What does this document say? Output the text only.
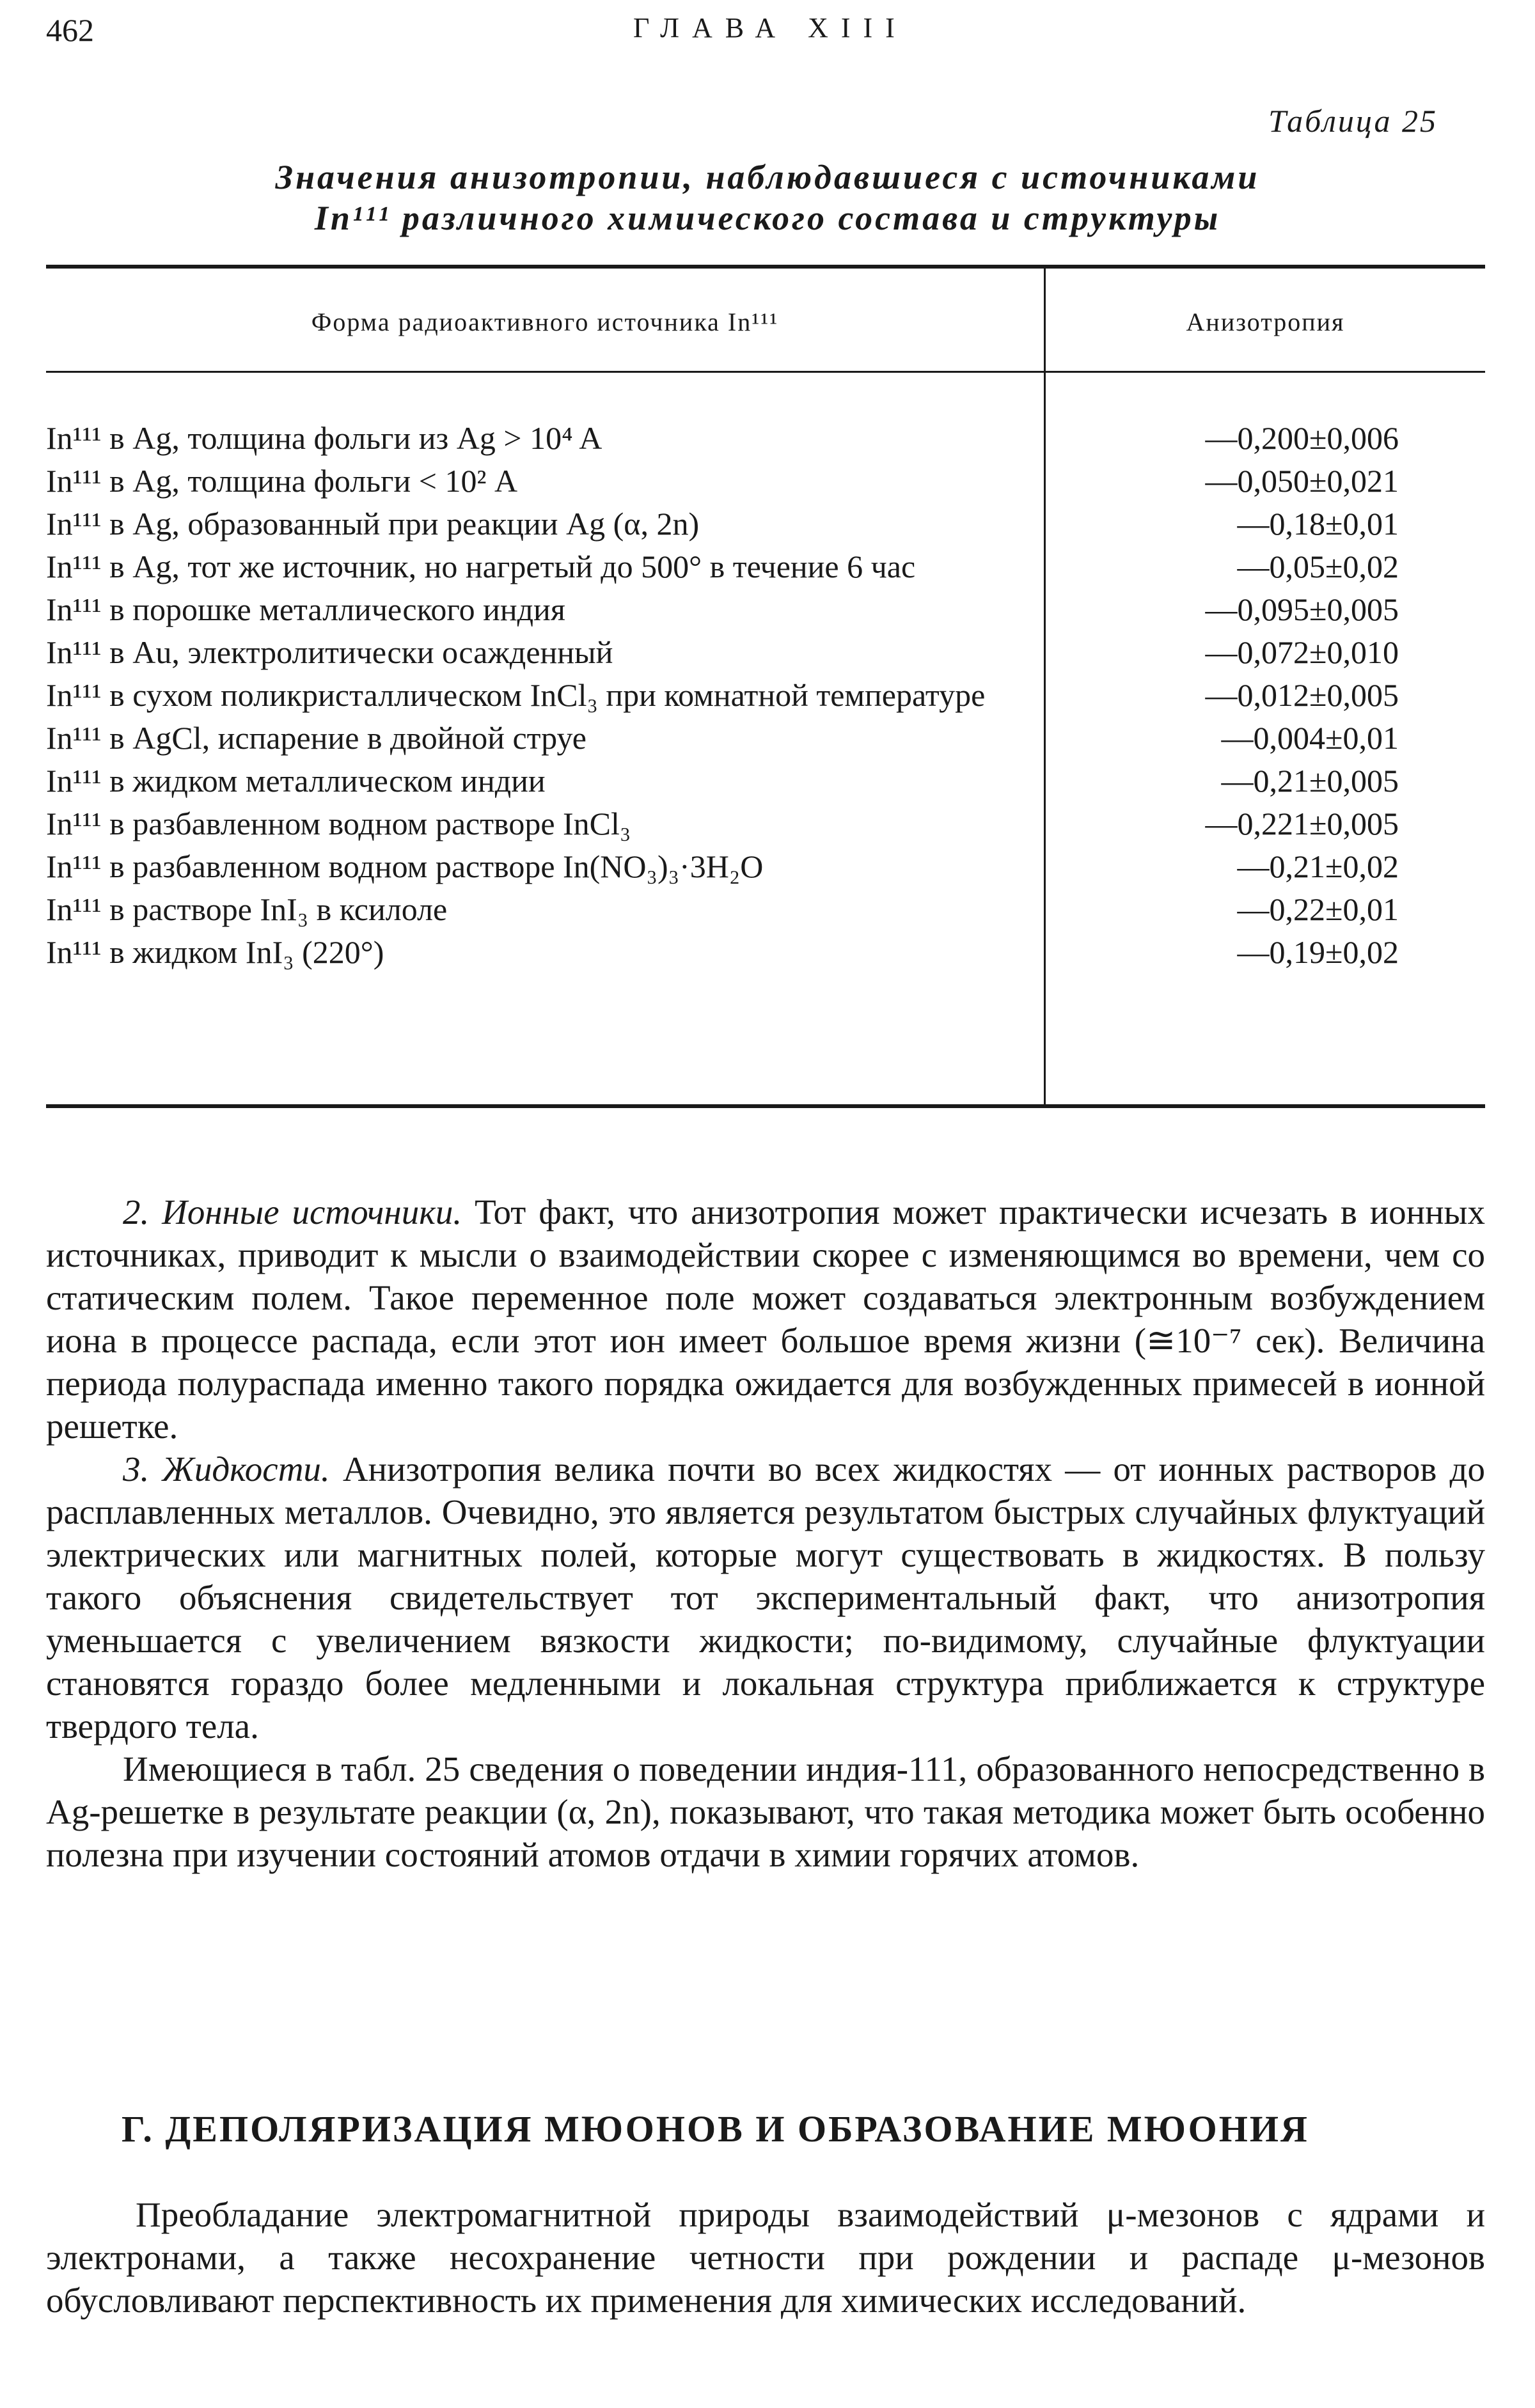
462	ГЛАВА XIII
Таблица 25
Значения анизотропии, наблюдавшиеся с источниками
In¹¹¹ различного химического состава и структуры
Форма радиоактивного источника In¹¹¹	Анизотропия
In¹¹¹ в Ag, толщина фольги из Ag > 10⁴ A	—0,200±0,006
In¹¹¹ в Ag, толщина фольги < 10² A	—0,050±0,021
In¹¹¹ в Ag, образованный при реакции Ag (α, 2n)	—0,18±0,01
In¹¹¹ в Ag, тот же источник, но нагретый до 500° в течение 6 час	—0,05±0,02
In¹¹¹ в порошке металлического индия	—0,095±0,005
In¹¹¹ в Au, электролитически осажденный	—0,072±0,010
In¹¹¹ в сухом поликристаллическом InCl₃ при комнатной температуре	—0,012±0,005
In¹¹¹ в AgCl, испарение в двойной струе	—0,004±0,01
In¹¹¹ в жидком металлическом индии	—0,21±0,005
In¹¹¹ в разбавленном водном растворе InCl₃	—0,221±0,005
In¹¹¹ в разбавленном водном растворе In(NO₃)₃·3H₂O	—0,21±0,02
In¹¹¹ в растворе InI₃ в ксилоле	—0,22±0,01
In¹¹¹ в жидком InI₃ (220°)	—0,19±0,02

2. Ионные источники. Тот факт, что анизотропия может практически исчезать в ионных источниках, приводит к мысли о взаимодействии скорее с изменяющимся во времени, чем со статическим полем. Такое переменное поле может создаваться электронным возбуждением иона в процессе распада, если этот ион имеет большое время жизни (≅10⁻⁷ сек). Величина периода полураспада именно такого порядка ожидается для возбужденных примесей в ионной решетке.

3. Жидкости. Анизотропия велика почти во всех жидкостях — от ионных растворов до расплавленных металлов. Очевидно, это является результатом быстрых случайных флуктуаций электрических или магнитных полей, которые могут существовать в жидкостях. В пользу такого объяснения свидетельствует тот экспериментальный факт, что анизотропия уменьшается с увеличением вязкости жидкости; по-видимому, случайные флуктуации становятся гораздо более медленными и локальная структура приближается к структуре твердого тела.

Имеющиеся в табл. 25 сведения о поведении индия-111, образованного непосредственно в Ag-решетке в результате реакции (α, 2n), показывают, что такая методика может быть особенно полезна при изучении состояний атомов отдачи в химии горячих атомов.

Г. ДЕПОЛЯРИЗАЦИЯ МЮОНОВ И ОБРАЗОВАНИЕ МЮОНИЯ

Преобладание электромагнитной природы взаимодействий μ-мезонов с ядрами и электронами, а также несохранение четности при рождении и распаде μ-мезонов обусловливают перспективность их применения для химических исследований.
